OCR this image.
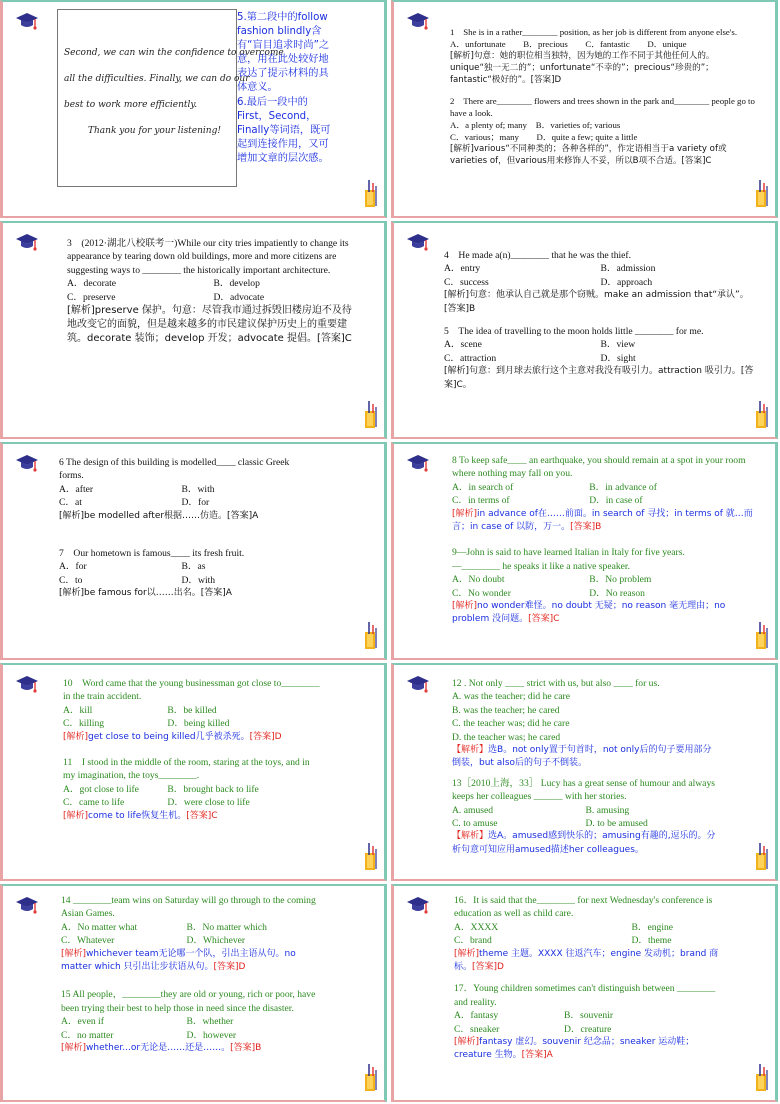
Second, we can win the confidence to overcome

all the difficulties. Finally, we can do our

best to work more efficiently.

Thank you for your listening!

5.第二段中的follow fashion blindly含有“盲目追求时尚”之意，用在此处较好地表达了提示材料的具体意义。

6.最后一段中的First，Second，Finally等词语，既可起到连接作用，又可增加文章的层次感。

1　She is in a rather________ position, as her job is different from anyone else's.　A．unfortunate　　B．precious　　C．fantastic　　D．unique

[解析]句意：她的职位相当独特，因为她的工作不同于其他任何人的。unique“独一无二的”；unfortunate“不幸的”；precious“珍贵的”；fantastic“极好的”。[答案]D

2　There are________ flowers and trees shown in the park and________ people go to have a look.

A．a plenty of; many　B．varieties of; various

C．various；many　　D．quite a few; quite a little

[解析]various“不同种类的；各种各样的”，作定语相当于a variety of或varieties of，但various用来修饰人不妥，所以B项不合适。[答案]C

3　(2012·湖北八校联考一)While our city tries impatiently to change its appearance by tearing down old buildings, more and more citizens are suggesting ways to ________ the historically important architecture.

A．decorate	B．develop
C．preserve	D．advocate

[解析]preserve 保护。句意：尽管我市通过拆毁旧楼房迫不及待地改变它的面貌，但是越来越多的市民建议保护历史上的重要建筑。decorate 装饰；develop 开发；advocate 提倡。[答案]C

4　He made a(n)________ that he was the thief.

A．entry	B．admission
C．success	D．approach

[解析]句意：他承认自己就是那个窃贼。make an admission that“承认”。[答案]B

5　The idea of travelling to the moon holds little ________ for me.

A．scene	B．view
C．attraction	D．sight

[解析]句意：到月球去旅行这个主意对我没有吸引力。attraction 吸引力。[答案]C。

6 The design of this building is modelled____ classic Greek forms.

A．after	B．with
C．at	D．for

[解析]be modelled after根据……仿造。[答案]A

7　Our hometown is famous____ its fresh fruit.

A．for	B．as
C．to	D．with

[解析]be famous for以……出名。[答案]A

8 To keep safe____ an earthquake, you should remain at a spot in your room where nothing may fall on you.

A．in search of	B．in advance of
C．in terms of	D．in case of

[解析]in advance of在……前面。in search of 寻找；in terms of 就…而言；in case of 以防，万一。[答案]B

9—John is said to have learned Italian in Italy for five years.

—________ he speaks it like a native speaker.

A．No doubt	B．No problem
C．No wonder	D．No reason

[解析]no wonder难怪。no doubt 无疑；no reason 毫无理由；no problem 没问题。[答案]C

10　Word came that the young businessman got close to________ in the train accident.

A．kill	B．be killed
C．killing	D．being killed

[解析]get close to being killed几乎被杀死。[答案]D

11　I stood in the middle of the room, staring at the toys, and in my imagination, the toys________.

A．got close to life	B．brought back to life
C．came to life	D．were close to life

[解析]come to life恢复生机。[答案]C

12 . Not only ____ strict with us, but also ____ for us.

A. was the teacher; did he care

B. was the teacher; he cared

C. the teacher was; did he care

D. the teacher was; he cared

【解析】选B。not only置于句首时，not only后的句子要用部分倒装，but also后的句子不倒装。

13［2010上海，33］ Lucy has a great sense of humour and always keeps her colleagues ______ with her stories.

A. amused	B. amusing
C. to amuse	D. to be amused

【解析】选A。amused感到快乐的；amusing有趣的,逗乐的。分析句意可知应用amused描述her colleagues。

14 ________team wins on Saturday will go through to the coming Asian Games.

A．No matter what	B．No matter which
C．Whatever	D．Whichever

[解析]whichever team无论哪一个队，引出主语从句。no matter which 只引出让步状语从句。[答案]D

15 All people，________they are old or young, rich or poor, have been trying their best to help those in need since the disaster.

A．even if	B．whether
C．no matter	D．however

[解析]whether...or无论是……还是……。[答案]B

16．It is said that the________ for next Wednesday's conference is education as well as child care.

A．XXXX	B．engine
C．brand	D．theme

[解析]theme 主题。XXXX 往返汽车；engine 发动机；brand 商标。[答案]D

17．Young children sometimes can't distinguish between ________ and reality.

A．fantasy	B．souvenir
C．sneaker	D．creature

[解析]fantasy 虚幻。souvenir 纪念品；sneaker 运动鞋；creature 生物。[答案]A
